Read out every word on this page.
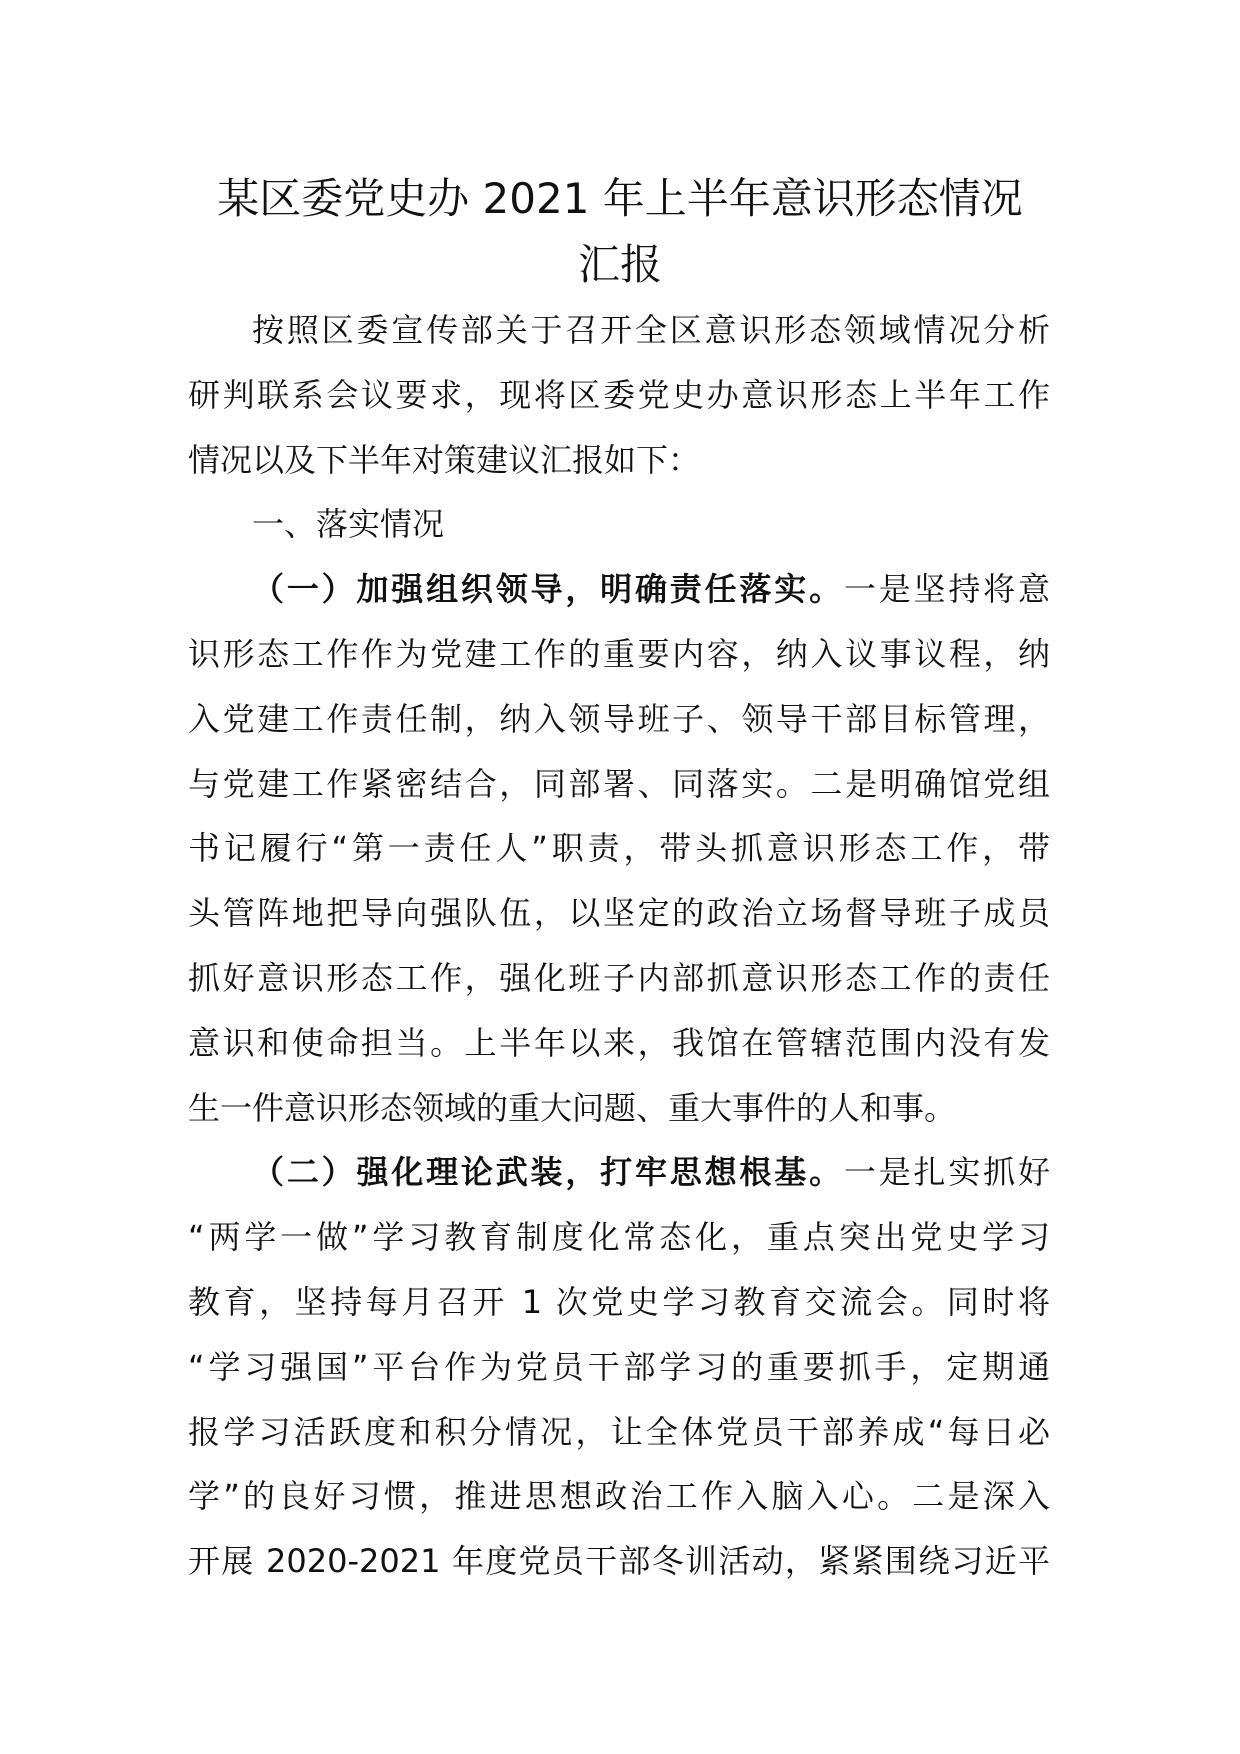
某区委党史办 2021 年上半年意识形态情况
汇报
按照区委宣传部关于召开全区意识形态领域情况分析
研判联系会议要求，现将区委党史办意识形态上半年工作
情况以及下半年对策建议汇报如下：
一、落实情况
（一）加强组织领导，明确责任落实。一是坚持将意
识形态工作作为党建工作的重要内容，纳入议事议程，纳
入党建工作责任制，纳入领导班子、领导干部目标管理，
与党建工作紧密结合，同部署、同落实。二是明确馆党组
书记履行“第一责任人”职责，带头抓意识形态工作，带
头管阵地把导向强队伍，以坚定的政治立场督导班子成员
抓好意识形态工作，强化班子内部抓意识形态工作的责任
意识和使命担当。上半年以来，我馆在管辖范围内没有发
生一件意识形态领域的重大问题、重大事件的人和事。
（二）强化理论武装，打牢思想根基。一是扎实抓好
“两学一做”学习教育制度化常态化，重点突出党史学习
教育，坚持每月召开 1 次党史学习教育交流会。同时将
“学习强国”平台作为党员干部学习的重要抓手，定期通
报学习活跃度和积分情况，让全体党员干部养成“每日必
学”的良好习惯，推进思想政治工作入脑入心。二是深入
开展 2020-2021 年度党员干部冬训活动，紧紧围绕习近平
